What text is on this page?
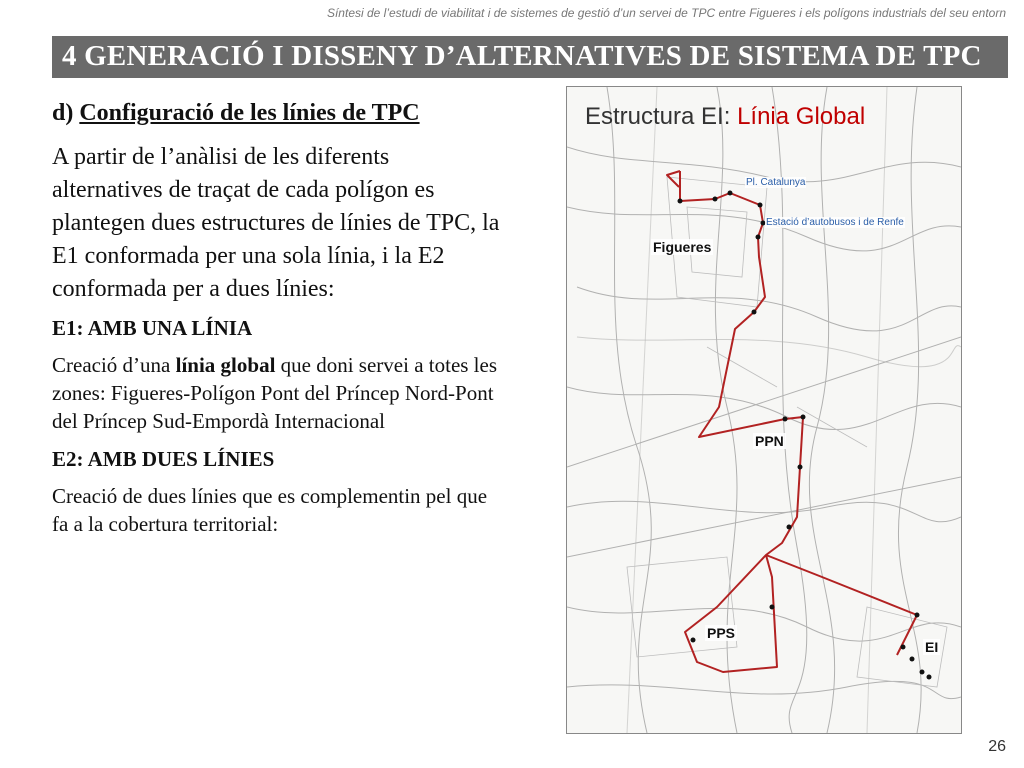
Síntesi de l’estudi de viabilitat i de sistemes de gestió d’un servei de TPC entre Figueres i els polígons industrials del seu entorn
4 GENERACIÓ I DISSENY D’ALTERNATIVES DE SISTEMA DE TPC

d) Configuració de les línies de TPC

A partir de l’anàlisi de les diferents alternatives de traçat de cada polígon es plantegen dues estructures de línies de TPC, la E1 conformada per una sola línia, i la E2 conformada per a dues línies:

E1: AMB UNA LÍNIA

Creació d’una línia global que doni servei a totes les zones: Figueres-Polígon Pont del Príncep Nord-Pont del Príncep Sud-Empordà Internacional

E2: AMB DUES LÍNIES

Creació de dues línies que es complementin pel que fa a la cobertura territorial:

Estructura EI: Línia Global
Pl. Catalunya
Estació d’autobusos i de Renfe
Figueres
PPN
PPS
EI
26
